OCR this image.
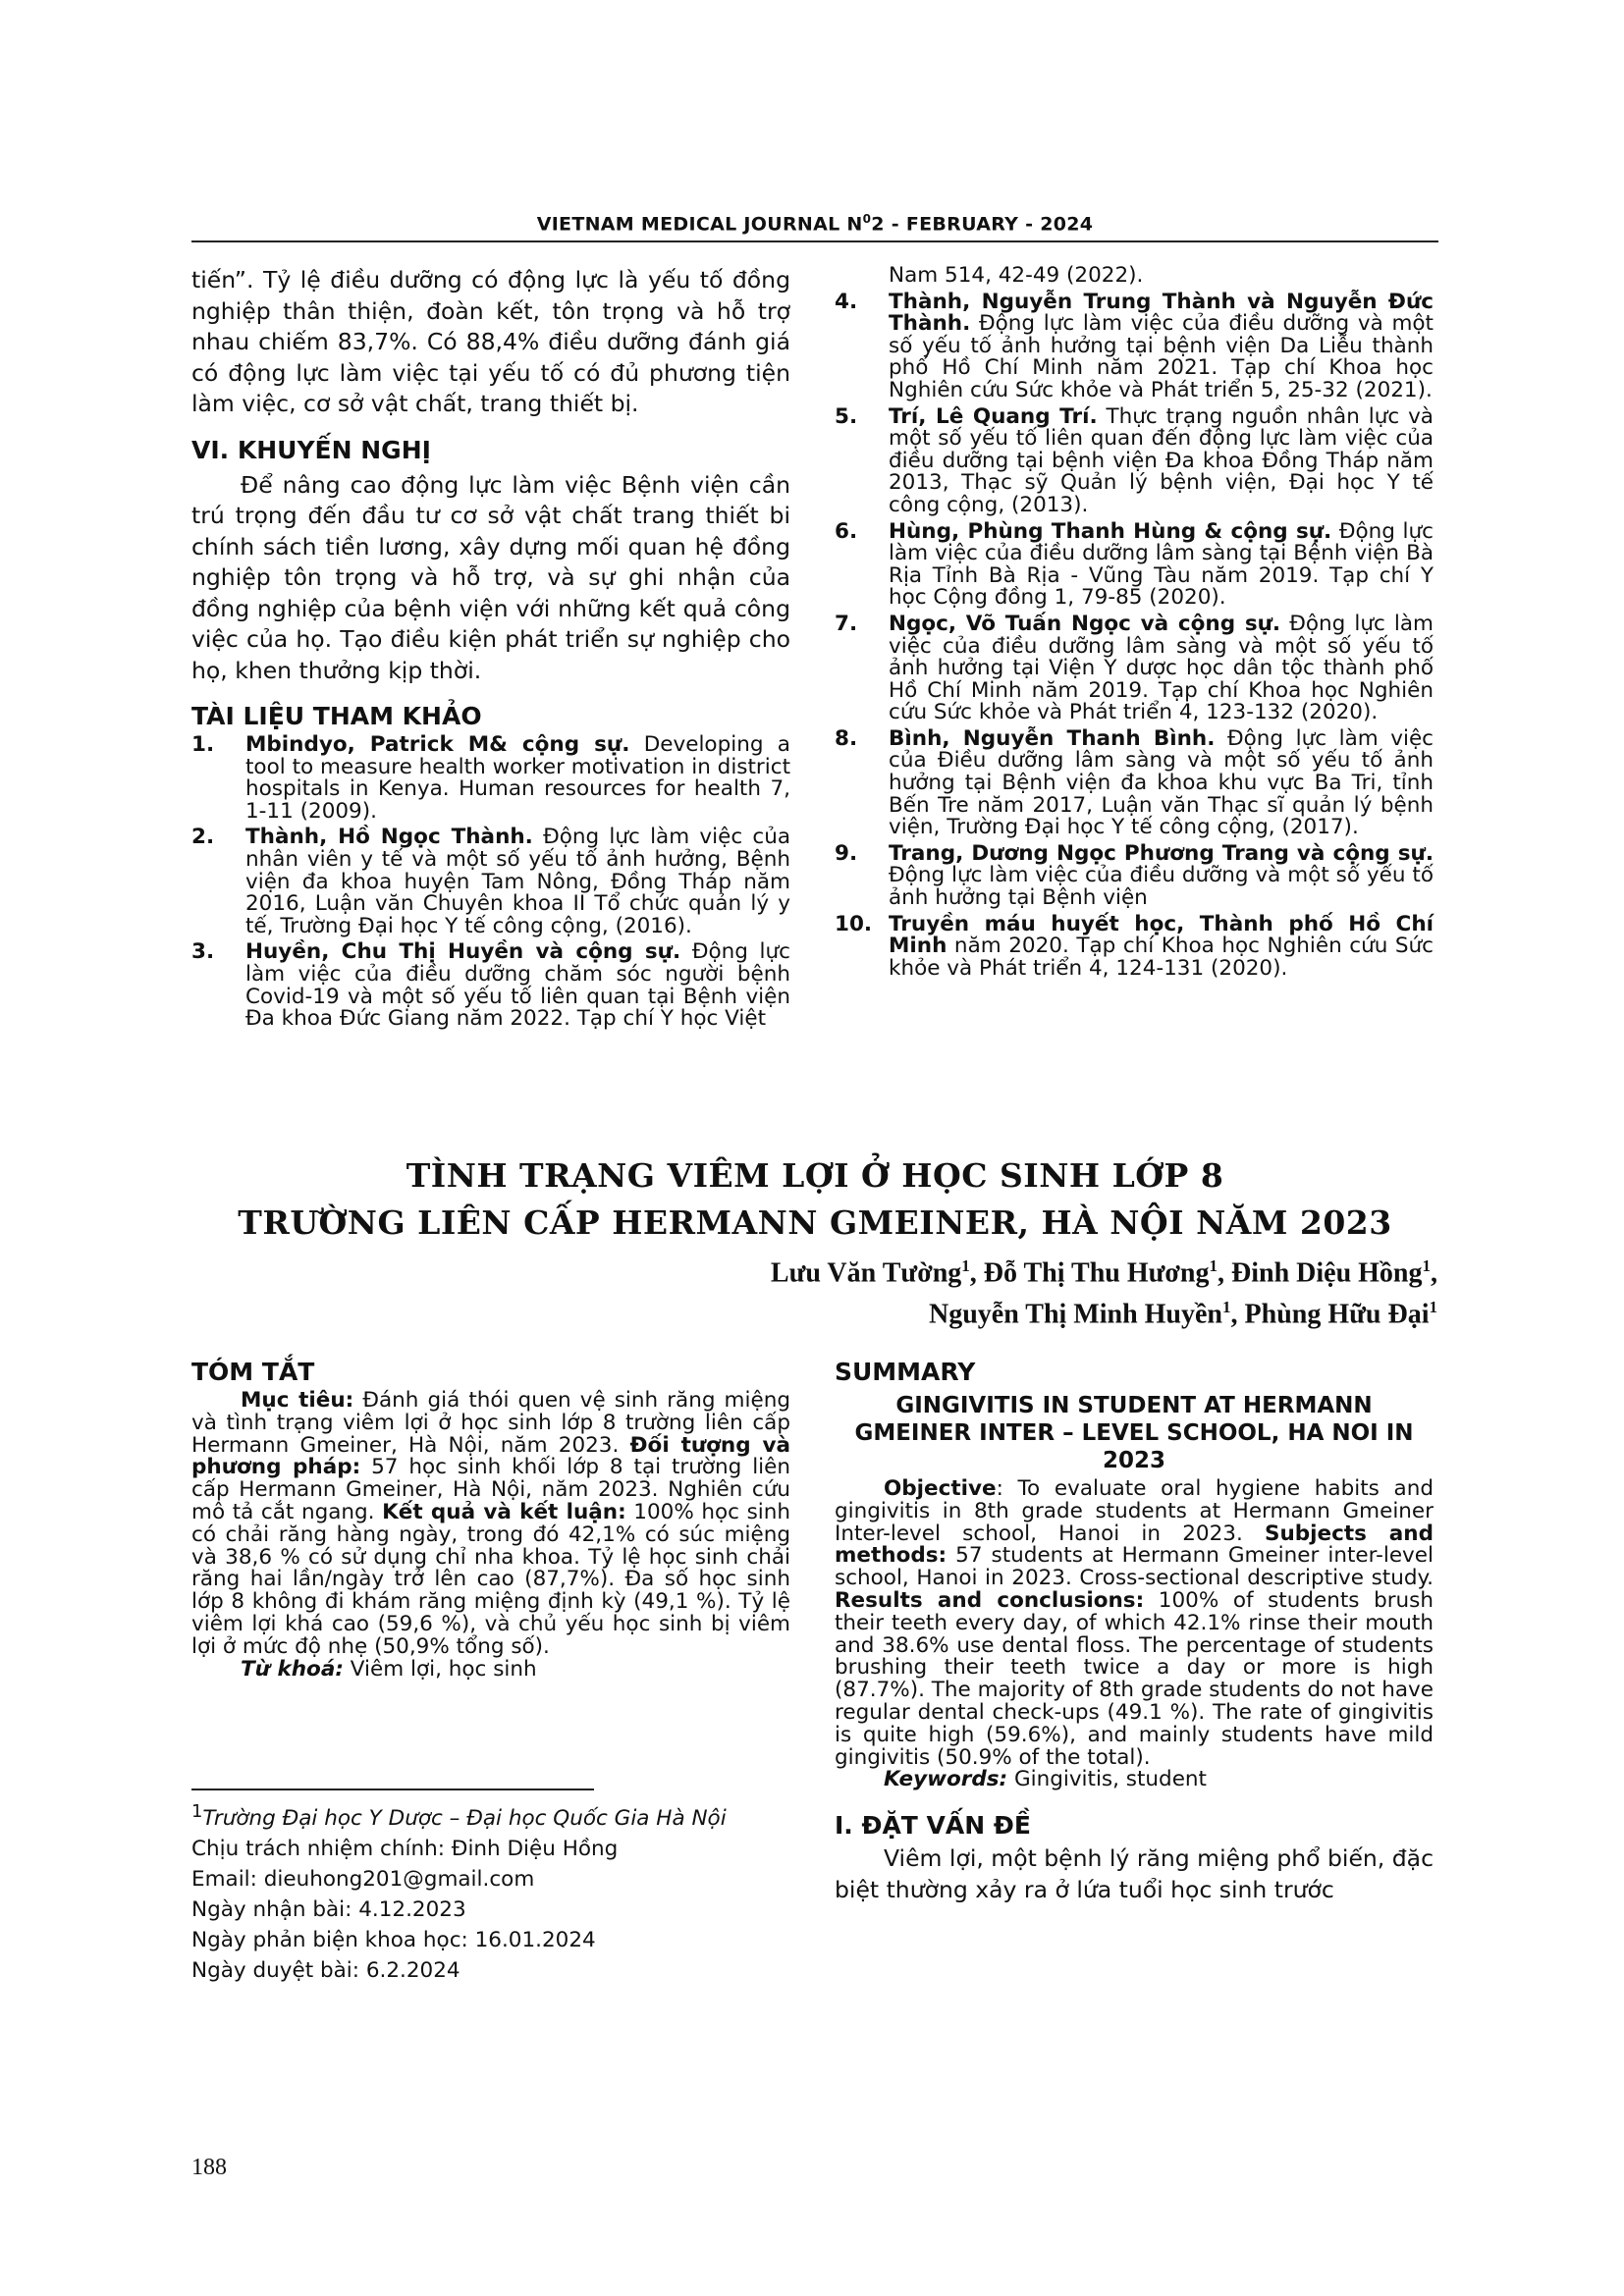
VIETNAM MEDICAL JOURNAL $N^02$ - FEBRUARY - 2024

tiến”. Tỷ lệ điều dưỡng có động lực là yếu tố đồng nghiệp thân thiện, đoàn kết, tôn trọng và hỗ trợ nhau chiếm 83,7%. Có 88,4% điều dưỡng đánh giá có động lực làm việc tại yếu tố có đủ phương tiện làm việc, cơ sở vật chất, trang thiết bị.

VI. KHUYẾN NGHỊ

Để nâng cao động lực làm việc Bệnh viện cần trú trọng đến đầu tư cơ sở vật chất trang thiết bi chính sách tiền lương, xây dựng mối quan hệ đồng nghiệp tôn trọng và hỗ trợ, và sự ghi nhận của đồng nghiệp của bệnh viện với những kết quả công việc của họ. Tạo điều kiện phát triển sự nghiệp cho họ, khen thưởng kịp thời.

TÀI LIỆU THAM KHẢO

1. Mbindyo, Patrick M& cộng sự. Developing a tool to measure health worker motivation in district hospitals in Kenya. Human resources for health 7, 1-11 (2009).
2. Thành, Hồ Ngọc Thành. Động lực làm việc của nhân viên y tế và một số yếu tố ảnh hưởng, Bệnh viện đa khoa huyện Tam Nông, Đồng Tháp năm 2016, Luận văn Chuyên khoa II Tổ chức quản lý y tế, Trường Đại học Y tế công cộng, (2016).
3. Huyền, Chu Thị Huyền và cộng sự. Động lực làm việc của điều dưỡng chăm sóc người bệnh Covid-19 và một số yếu tố liên quan tại Bệnh viện Đa khoa Đức Giang năm 2022. Tạp chí Y học Việt
Nam 514, 42-49 (2022).
4. Thành, Nguyễn Trung Thành và Nguyễn Đức Thành. Động lực làm việc của điều dưỡng và một số yếu tố ảnh hưởng tại bệnh viện Da Liễu thành phố Hồ Chí Minh năm 2021. Tạp chí Khoa học Nghiên cứu Sức khỏe và Phát triển 5, 25-32 (2021).
5. Trí, Lê Quang Trí. Thực trạng nguồn nhân lực và một số yếu tố liên quan đến động lực làm việc của điều dưỡng tại bệnh viện Đa khoa Đồng Tháp năm 2013, Thạc sỹ Quản lý bệnh viện, Đại học Y tế công cộng, (2013).
6. Hùng, Phùng Thanh Hùng & cộng sự. Động lực làm việc của điều dưỡng lâm sàng tại Bệnh viện Bà Rịa Tỉnh Bà Rịa - Vũng Tàu năm 2019. Tạp chí Y học Cộng đồng 1, 79-85 (2020).
7. Ngọc, Võ Tuấn Ngọc và cộng sự. Động lực làm việc của điều dưỡng lâm sàng và một số yếu tố ảnh hưởng tại Viện Y dược học dân tộc thành phố Hồ Chí Minh năm 2019. Tạp chí Khoa học Nghiên cứu Sức khỏe và Phát triển 4, 123-132 (2020).
8. Bình, Nguyễn Thanh Bình. Động lực làm việc của Điều dưỡng lâm sàng và một số yếu tố ảnh hưởng tại Bệnh viện đa khoa khu vực Ba Tri, tỉnh Bến Tre năm 2017, Luận văn Thạc sĩ quản lý bệnh viện, Trường Đại học Y tế công cộng, (2017).
9. Trang, Dương Ngọc Phương Trang và cộng sự. Động lực làm việc của điều dưỡng và một số yếu tố ảnh hưởng tại Bệnh viện
10. Truyền máu huyết học, Thành phố Hồ Chí Minh năm 2020. Tạp chí Khoa học Nghiên cứu Sức khỏe và Phát triển 4, 124-131 (2020).
TÌNH TRẠNG VIÊM LỢI Ở HỌC SINH LỚP 8
TRƯỜNG LIÊN CẤP HERMANN GMEINER, HÀ NỘI NĂM 2023
Lưu Văn Tường$^1$, Đỗ Thị Thu Hương$^1$, Đinh Diệu Hồng$^1$,
Nguyễn Thị Minh Huyền$^1$, Phùng Hữu Đại$^1$

TÓM TẮT

Mục tiêu: Đánh giá thói quen vệ sinh răng miệng và tình trạng viêm lợi ở học sinh lớp 8 trường liên cấp Hermann Gmeiner, Hà Nội, năm 2023. Đối tượng và phương pháp: 57 học sinh khối lớp 8 tại trường liên cấp Hermann Gmeiner, Hà Nội, năm 2023. Nghiên cứu mô tả cắt ngang. Kết quả và kết luận: 100% học sinh có chải răng hàng ngày, trong đó 42,1% có súc miệng và 38,6 % có sử dụng chỉ nha khoa. Tỷ lệ học sinh chải răng hai lần/ngày trở lên cao (87,7%). Đa số học sinh lớp 8 không đi khám răng miệng định kỳ (49,1 %). Tỷ lệ viêm lợi khá cao (59,6 %), và chủ yếu học sinh bị viêm lợi ở mức độ nhẹ (50,9% tổng số).

Từ khoá: Viêm lợi, học sinh

SUMMARY

GINGIVITIS IN STUDENT AT HERMANN GMEINER INTER – LEVEL SCHOOL, HA NOI IN 2023

Objective: To evaluate oral hygiene habits and gingivitis in 8th grade students at Hermann Gmeiner Inter-level school, Hanoi in 2023. Subjects and methods: 57 students at Hermann Gmeiner inter-level school, Hanoi in 2023. Cross-sectional descriptive study. Results and conclusions: 100% of students brush their teeth every day, of which 42.1% rinse their mouth and 38.6% use dental floss. The percentage of students brushing their teeth twice a day or more is high (87.7%). The majority of 8th grade students do not have regular dental check-ups (49.1 %). The rate of gingivitis is quite high (59.6%), and mainly students have mild gingivitis (50.9% of the total).

Keywords: Gingivitis, student

I. ĐẶT VẤN ĐỀ

Viêm lợi, một bệnh lý răng miệng phổ biến, đặc biệt thường xảy ra ở lứa tuổi học sinh trước

$^1$Trường Đại học Y Dược – Đại học Quốc Gia Hà Nội
Chịu trách nhiệm chính: Đinh Diệu Hồng
Email: dieuhong201@gmail.com
Ngày nhận bài: 4.12.2023
Ngày phản biện khoa học: 16.01.2024
Ngày duyệt bài: 6.2.2024
188
